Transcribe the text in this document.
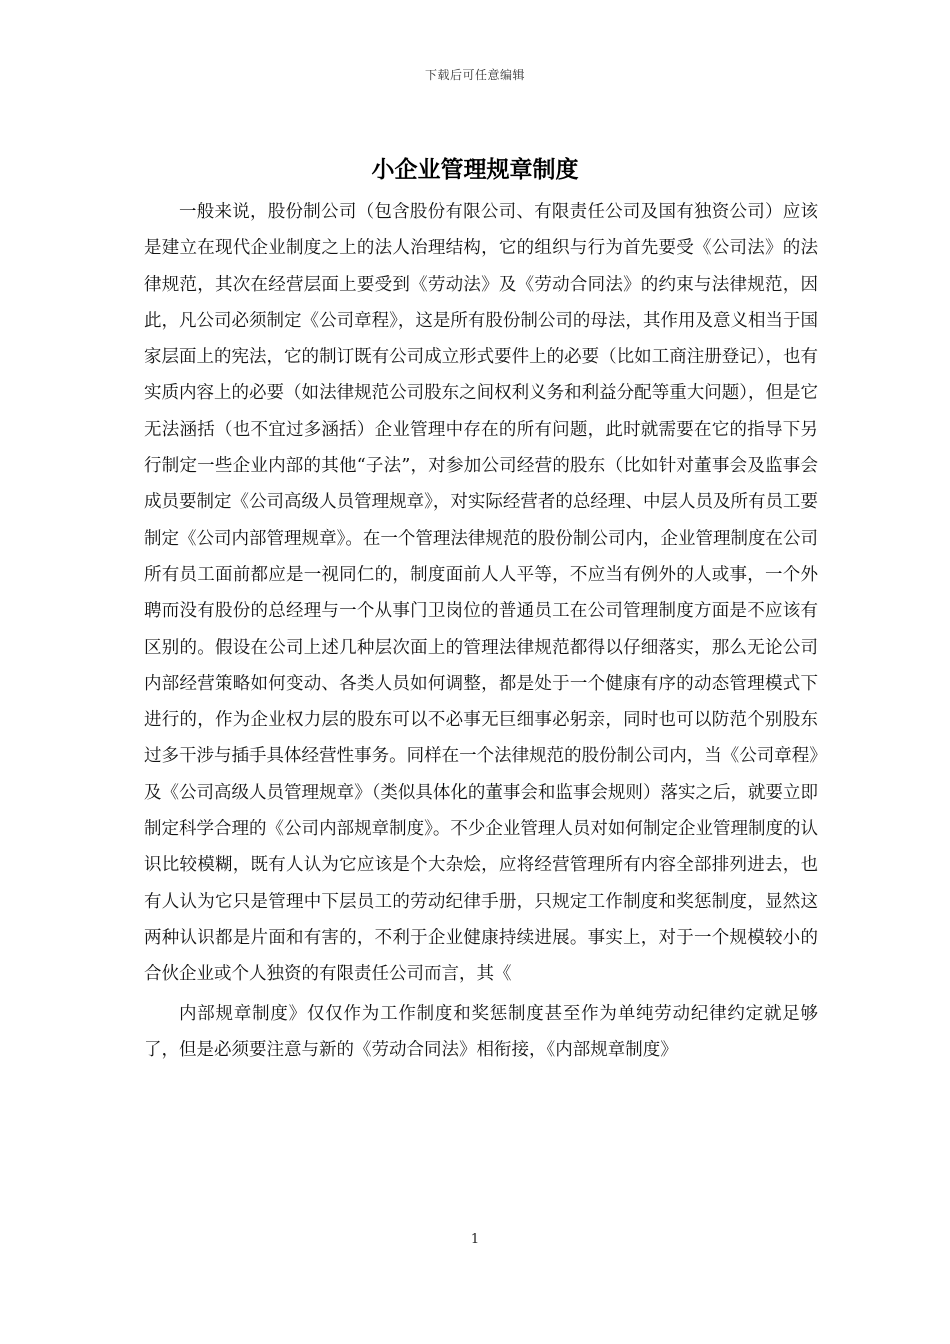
下载后可任意编辑
小企业管理规章制度

一般来说，股份制公司（包含股份有限公司、有限责任公司及国有独资公司）应该是建立在现代企业制度之上的法人治理结构，它的组织与行为首先要受《公司法》的法律规范，其次在经营层面上要受到《劳动法》及《劳动合同法》的约束与法律规范，因此，凡公司必须制定《公司章程》，这是所有股份制公司的母法，其作用及意义相当于国家层面上的宪法，它的制订既有公司成立形式要件上的必要（比如工商注册登记），也有实质内容上的必要（如法律规范公司股东之间权利义务和利益分配等重大问题），但是它无法涵括（也不宜过多涵括）企业管理中存在的所有问题，此时就需要在它的指导下另行制定一些企业内部的其他“子法”，对参加公司经营的股东（比如针对董事会及监事会成员要制定《公司高级人员管理规章》，对实际经营者的总经理、中层人员及所有员工要制定《公司内部管理规章》。在一个管理法律规范的股份制公司内，企业管理制度在公司所有员工面前都应是一视同仁的，制度面前人人平等，不应当有例外的人或事，一个外聘而没有股份的总经理与一个从事门卫岗位的普通员工在公司管理制度方面是不应该有区别的。假设在公司上述几种层次面上的管理法律规范都得以仔细落实，那么无论公司内部经营策略如何变动、各类人员如何调整，都是处于一个健康有序的动态管理模式下进行的，作为企业权力层的股东可以不必事无巨细事必躬亲，同时也可以防范个别股东过多干涉与插手具体经营性事务。同样在一个法律规范的股份制公司内，当《公司章程》及《公司高级人员管理规章》（类似具体化的董事会和监事会规则）落实之后，就要立即制定科学合理的《公司内部规章制度》。不少企业管理人员对如何制定企业管理制度的认识比较模糊，既有人认为它应该是个大杂烩，应将经营管理所有内容全部排列进去，也有人认为它只是管理中下层员工的劳动纪律手册，只规定工作制度和奖惩制度，显然这两种认识都是片面和有害的，不利于企业健康持续进展。事实上，对于一个规模较小的合伙企业或个人独资的有限责任公司而言，其《

内部规章制度》仅仅作为工作制度和奖惩制度甚至作为单纯劳动纪律约定就足够了，但是必须要注意与新的《劳动合同法》相衔接，《内部规章制度》

1
